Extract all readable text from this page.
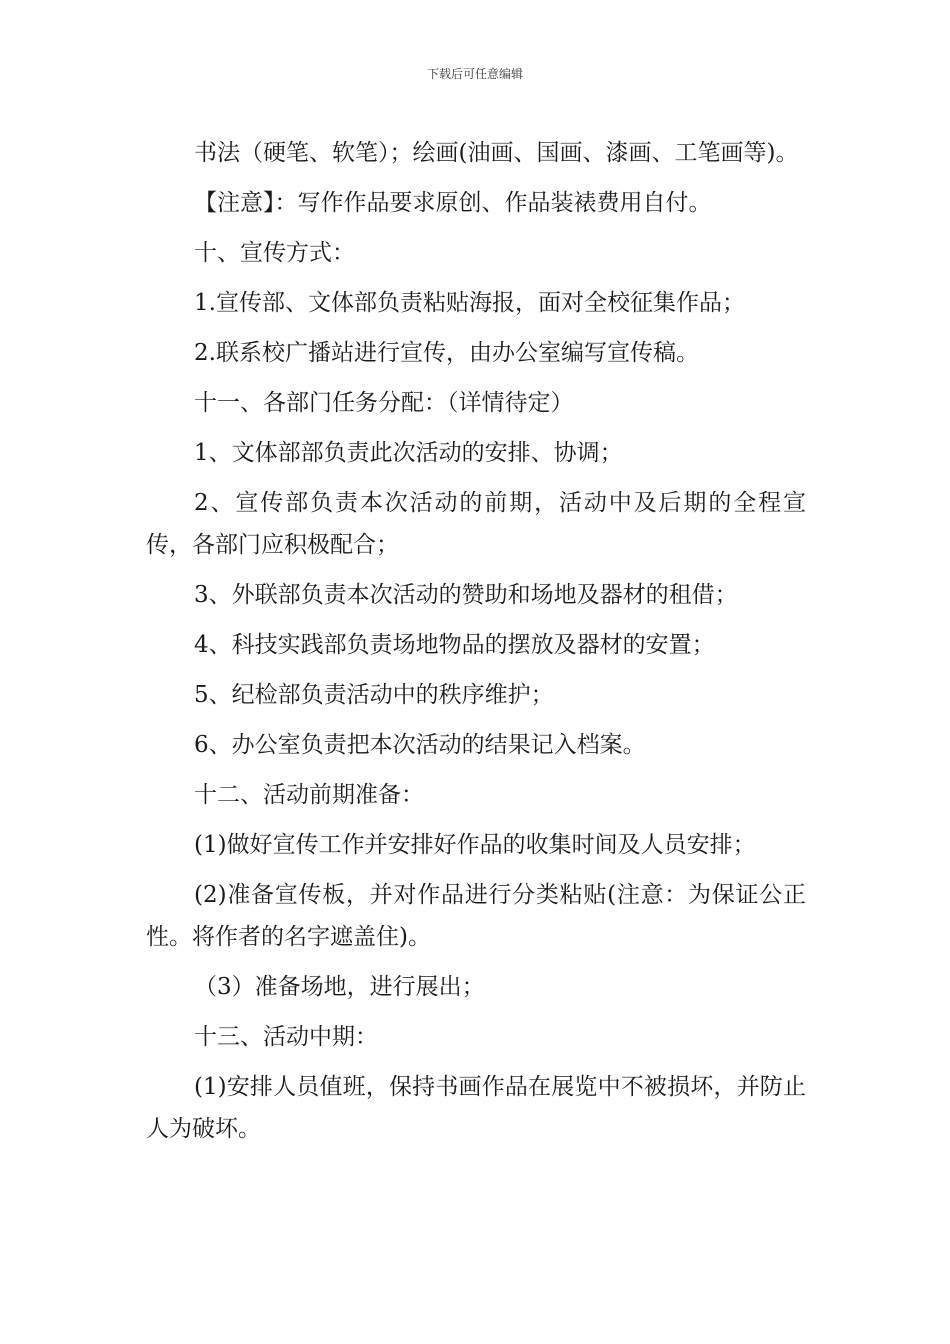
下载后可任意编辑

书法（硬笔、软笔）；绘画(油画、国画、漆画、工笔画等)。

【注意】：写作作品要求原创、作品装裱费用自付。

十、宣传方式：

1.宣传部、文体部负责粘贴海报，面对全校征集作品；

2.联系校广播站进行宣传，由办公室编写宣传稿。

十一、各部门任务分配：（详情待定）

1、文体部部负责此次活动的安排、协调；

2、宣传部负责本次活动的前期，活动中及后期的全程宣传，各部门应积极配合；

3、外联部负责本次活动的赞助和场地及器材的租借；

4、科技实践部负责场地物品的摆放及器材的安置；

5、纪检部负责活动中的秩序维护；

6、办公室负责把本次活动的结果记入档案。

十二、活动前期准备：

(1)做好宣传工作并安排好作品的收集时间及人员安排；

(2)准备宣传板，并对作品进行分类粘贴(注意：为保证公正性。将作者的名字遮盖住)。

（3）准备场地，进行展出；

十三、活动中期：

(1)安排人员值班，保持书画作品在展览中不被损坏，并防止人为破坏。
